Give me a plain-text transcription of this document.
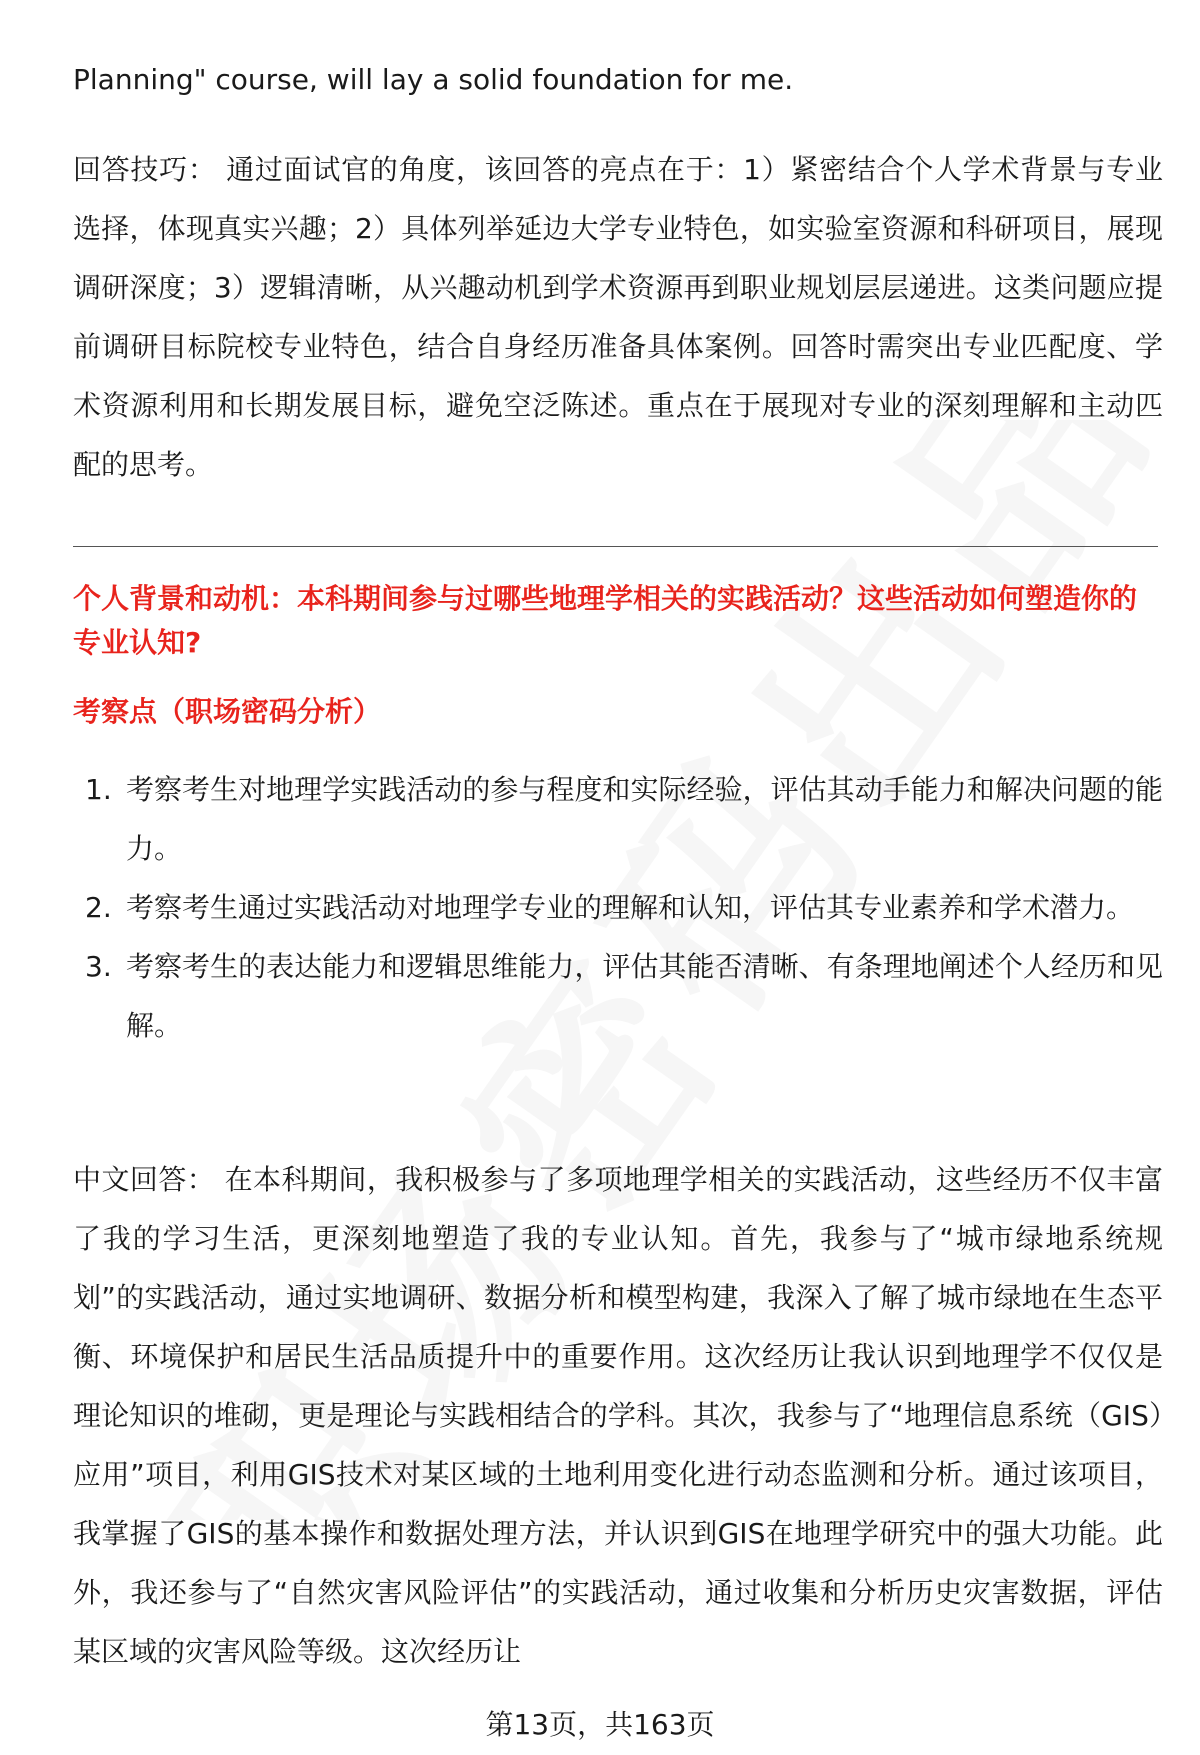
Planning" course, will lay a solid foundation for me.

回答技巧： 通过面试官的角度，该回答的亮点在于：1）紧密结合个人学术背景与专业选择，体现真实兴趣；2）具体列举延边大学专业特色，如实验室资源和科研项目，展现调研深度；3）逻辑清晰，从兴趣动机到学术资源再到职业规划层层递进。这类问题应提前调研目标院校专业特色，结合自身经历准备具体案例。回答时需突出专业匹配度、学术资源利用和长期发展目标，避免空泛陈述。重点在于展现对专业的深刻理解和主动匹配的思考。

个人背景和动机：本科期间参与过哪些地理学相关的实践活动？这些活动如何塑造你的专业认知?

考察点（职场密码分析）

1. 考察考生对地理学实践活动的参与程度和实际经验，评估其动手能力和解决问题的能力。
2. 考察考生通过实践活动对地理学专业的理解和认知，评估其专业素养和学术潜力。
3. 考察考生的表达能力和逻辑思维能力，评估其能否清晰、有条理地阐述个人经历和见解。

中文回答： 在本科期间，我积极参与了多项地理学相关的实践活动，这些经历不仅丰富了我的学习生活，更深刻地塑造了我的专业认知。首先，我参与了“城市绿地系统规划”的实践活动，通过实地调研、数据分析和模型构建，我深入了解了城市绿地在生态平衡、环境保护和居民生活品质提升中的重要作用。这次经历让我认识到地理学不仅仅是理论知识的堆砌，更是理论与实践相结合的学科。其次，我参与了“地理信息系统（GIS）应用”项目，利用GIS技术对某区域的土地利用变化进行动态监测和分析。通过该项目，我掌握了GIS的基本操作和数据处理方法，并认识到GIS在地理学研究中的强大功能。此外，我还参与了“自然灾害风险评估”的实践活动，通过收集和分析历史灾害数据，评估某区域的灾害风险等级。这次经历让

第13页，共163页
